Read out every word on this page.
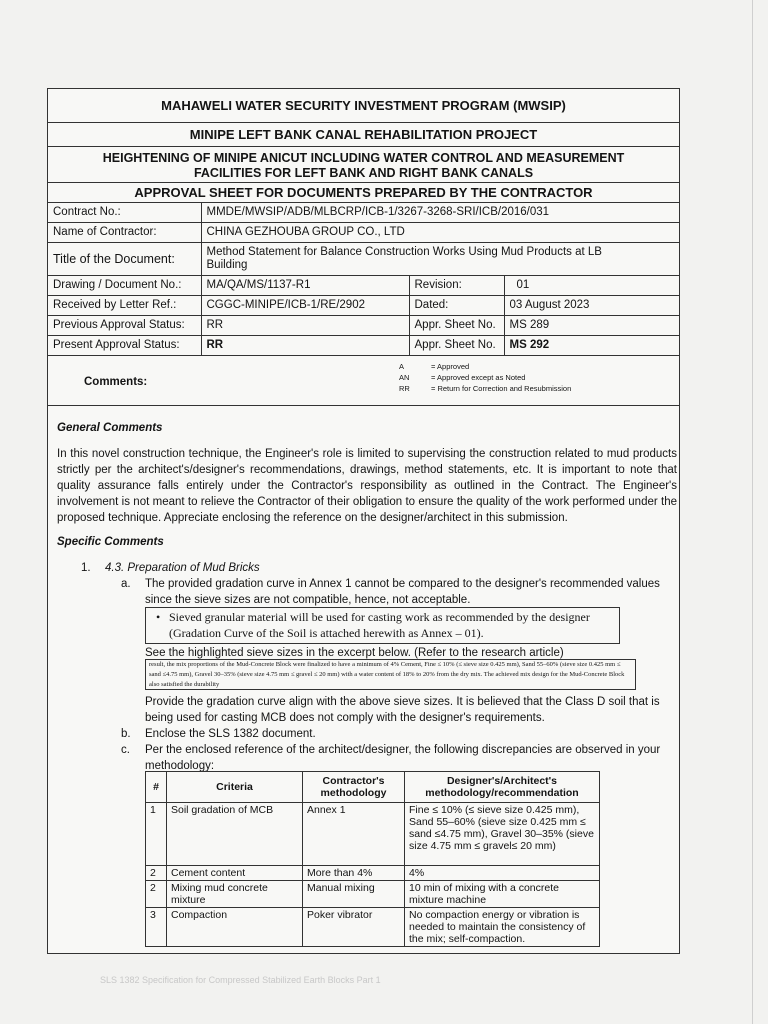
MAHAWELI WATER SECURITY INVESTMENT PROGRAM (MWSIP)
MINIPE LEFT BANK CANAL REHABILITATION PROJECT
HEIGHTENING OF MINIPE ANICUT INCLUDING WATER CONTROL AND MEASUREMENT
FACILITIES FOR LEFT BANK AND RIGHT BANK CANALS
APPROVAL SHEET FOR DOCUMENTS PREPARED BY THE CONTRACTOR
Contract No.:	MMDE/MWSIP/ADB/MLBCRP/ICB-1/3267-3268-SRI/ICB/2016/031		
Name of Contractor:	CHINA GEZHOUBA GROUP CO., LTD		
Title of the Document:	Method Statement for Balance Construction Works Using Mud Products at LB
Building		

Drawing / Document No.:	MA/QA/MS/1137-R1	Revision:	01
Received by Letter Ref.:	CGGC-MINIPE/ICB-1/RE/2902	Dated:	03 August 2023
Previous Approval Status:	RR	Appr. Sheet No.	MS 289
Present Approval Status:	RR	Appr. Sheet No.	MS 292
Comments:
A	= Approved
AN	= Approved except as Noted
RR	= Return for Correction and Resubmission
General Comments
In this novel construction technique, the Engineer's role is limited to supervising the construction related to mud products strictly per the architect's/designer's recommendations, drawings, method statements, etc. It is important to note that quality assurance falls entirely under the Contractor's responsibility as outlined in the Contract. The Engineer's involvement is not meant to relieve the Contractor of their obligation to ensure the quality of the work performed under the proposed technique. Appreciate enclosing the reference on the designer/architect in this submission.
Specific Comments
1. 4.3. Preparation of Mud Bricks
a. The provided gradation curve in Annex 1 cannot be compared to the designer's recommended values
since the sieve sizes are not compatible, hence, not acceptable.
• Sieved granular material will be used for casting work as recommended by the designer
(Gradation Curve of the Soil is attached herewith as Annex – 01).
See the highlighted sieve sizes in the excerpt below. (Refer to the research article)
result, the mix proportions of the Mud-Concrete Block were finalized to have a minimum of 4% Cement, Fine ≤ 10% (≤ sieve size 0.425 mm), Sand 55–60% (sieve size 0.425 mm ≤ sand ≤4.75 mm), Gravel 30–35% (sieve size 4.75 mm ≤ gravel ≤ 20 mm) with a water content of 18% to 20% from the dry mix. The achieved mix design for the Mud-Concrete Block also satisfied the durability
Provide the gradation curve align with the above sieve sizes. It is believed that the Class D soil that is
being used for casting MCB does not comply with the designer's requirements.
b. Enclose the SLS 1382 document.
c. Per the enclosed reference of the architect/designer, the following discrepancies are observed in your
methodology:
#	Criteria	Contractor's methodology	Designer's/Architect's methodology/recommendation
1	Soil gradation of MCB	Annex 1	Fine ≤ 10% (≤ sieve size 0.425 mm), Sand 55–60% (sieve size 0.425 mm ≤ sand ≤4.75 mm), Gravel 30–35% (sieve size 4.75 mm ≤ gravel≤ 20 mm)
2	Cement content	More than 4%	4%
2	Mixing mud concrete mixture	Manual mixing	10 min of mixing with a concrete mixture machine
3	Compaction	Poker vibrator	No compaction energy or vibration is needed to maintain the consistency of the mix; self-compaction.
SLS 1382 Specification for Compressed Stabilized Earth Blocks Part 1
